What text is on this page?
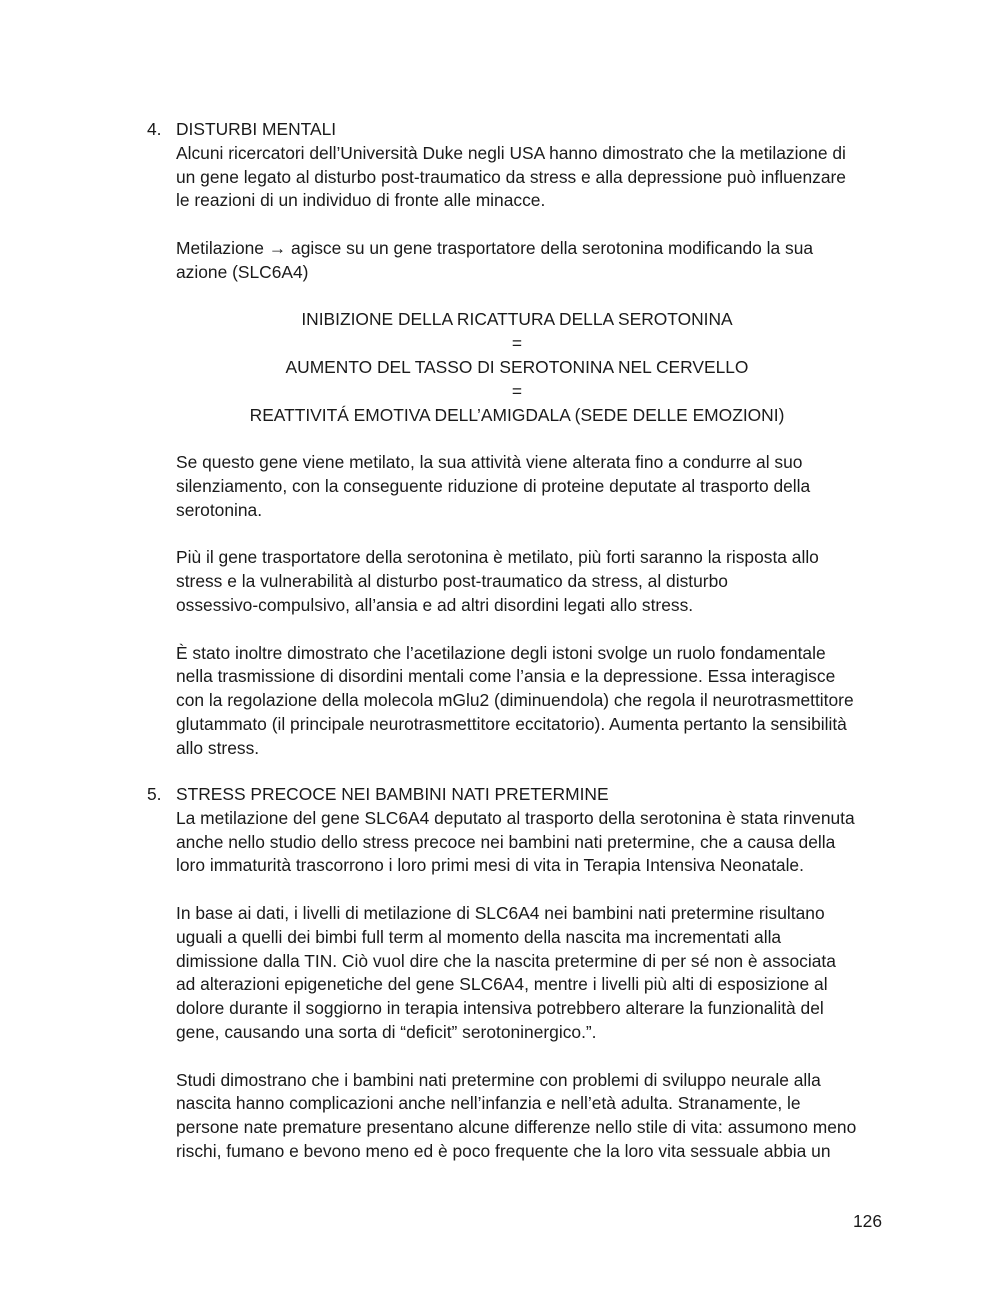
4. DISTURBI MENTALI

Alcuni ricercatori dell’Università Duke negli USA hanno dimostrato che la metilazione di
un gene legato al disturbo post-traumatico da stress e alla depressione può influenzare
le reazioni di un individuo di fronte alle minacce.

Metilazione → agisce su un gene trasportatore della serotonina modificando la sua
azione (SLC6A4)

INIBIZIONE DELLA RICATTURA DELLA SEROTONINA

=

AUMENTO DEL TASSO DI SEROTONINA NEL CERVELLO

=

REATTIVITÁ EMOTIVA DELL’AMIGDALA (SEDE DELLE EMOZIONI)

Se questo gene viene metilato, la sua attività viene alterata fino a condurre al suo
silenziamento, con la conseguente riduzione di proteine deputate al trasporto della
serotonina.

Più il gene trasportatore della serotonina è metilato, più forti saranno la risposta allo
stress e la vulnerabilità al disturbo post-traumatico da stress, al disturbo
ossessivo-compulsivo, all’ansia e ad altri disordini legati allo stress.

È stato inoltre dimostrato che l’acetilazione degli istoni svolge un ruolo fondamentale
nella trasmissione di disordini mentali come l’ansia e la depressione. Essa interagisce
con la regolazione della molecola mGlu2 (diminuendola) che regola il neurotrasmettitore
glutammato (il principale neurotrasmettitore eccitatorio). Aumenta pertanto la sensibilità
allo stress.

5. STRESS PRECOCE NEI BAMBINI NATI PRETERMINE

La metilazione del gene SLC6A4 deputato al trasporto della serotonina è stata rinvenuta
anche nello studio dello stress precoce nei bambini nati pretermine, che a causa della
loro immaturità trascorrono i loro primi mesi di vita in Terapia Intensiva Neonatale.

In base ai dati, i livelli di metilazione di SLC6A4 nei bambini nati pretermine risultano
uguali a quelli dei bimbi full term al momento della nascita ma incrementati alla
dimissione dalla TIN. Ciò vuol dire che la nascita pretermine di per sé non è associata
ad alterazioni epigenetiche del gene SLC6A4, mentre i livelli più alti di esposizione al
dolore durante il soggiorno in terapia intensiva potrebbero alterare la funzionalità del
gene, causando una sorta di “deficit” serotoninergico.”.

Studi dimostrano che i bambini nati pretermine con problemi di sviluppo neurale alla
nascita hanno complicazioni anche nell’infanzia e nell’età adulta. Stranamente, le
persone nate premature presentano alcune differenze nello stile di vita: assumono meno
rischi, fumano e bevono meno ed è poco frequente che la loro vita sessuale abbia un

126
